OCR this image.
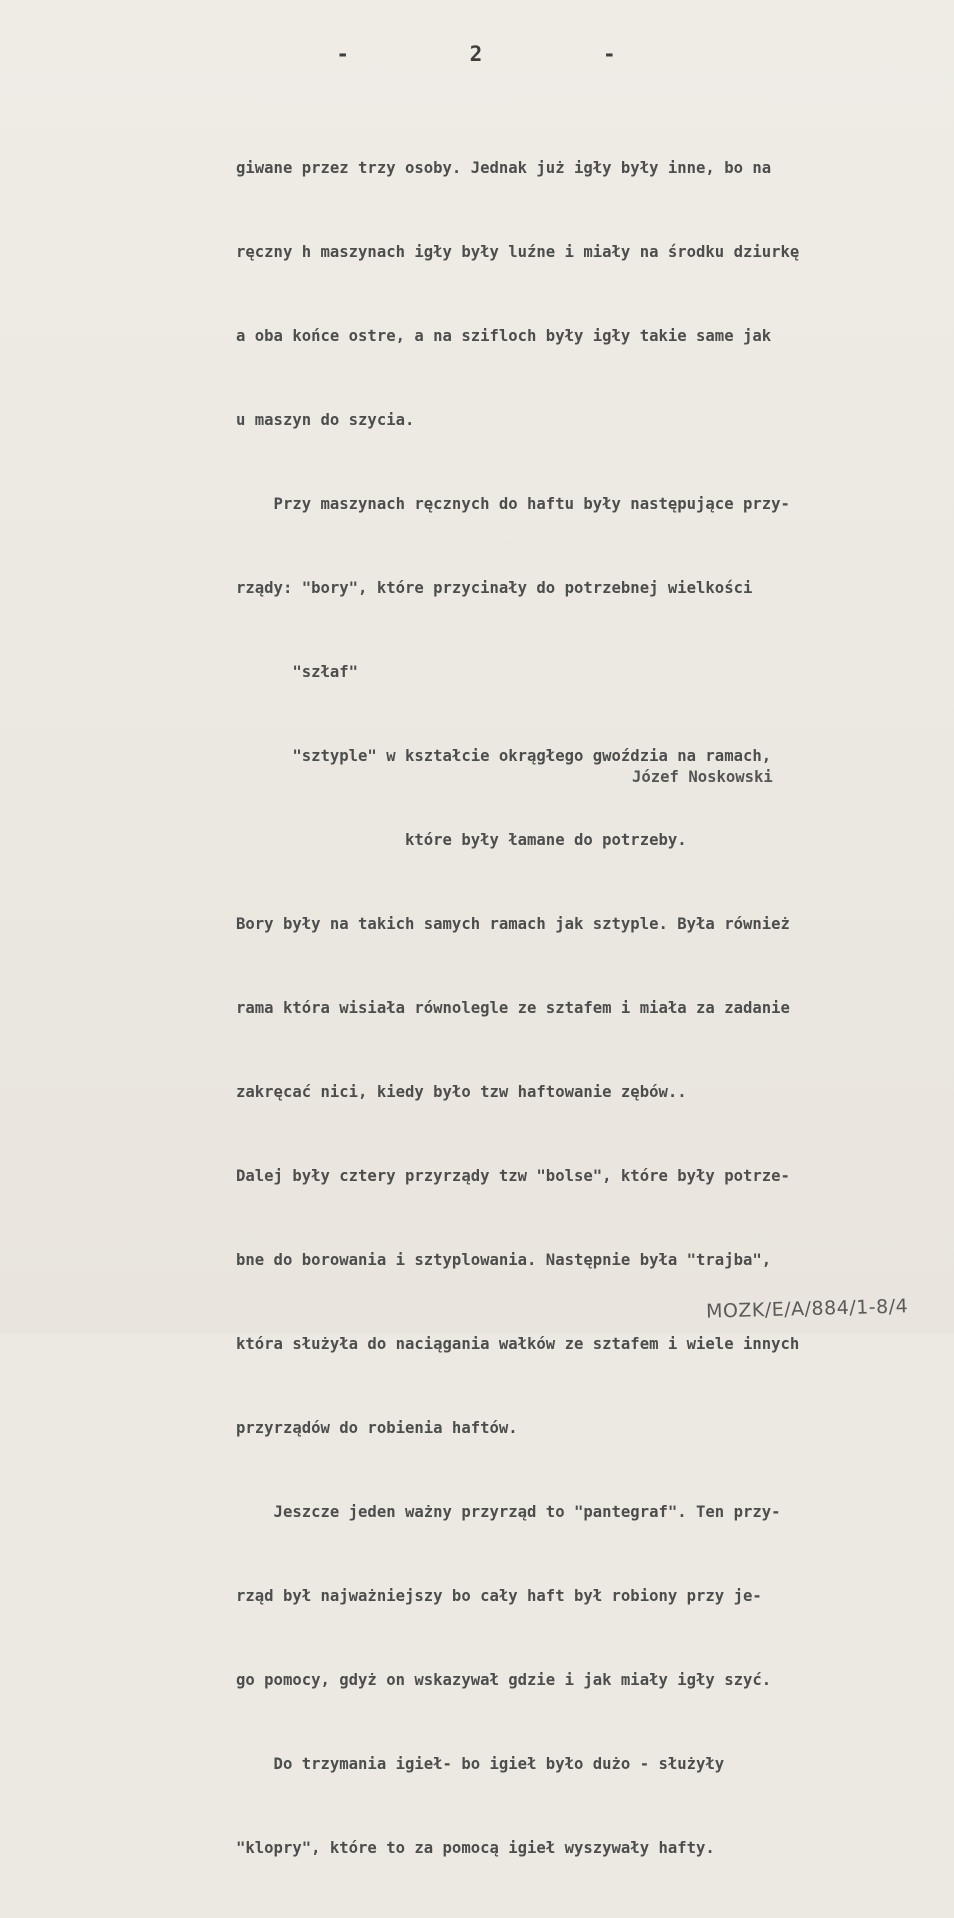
-	2	-

giwane przez trzy osoby. Jednak już igły były inne, bo na

ręczny h maszynach igły były luźne i miały na środku dziurkę

a oba końce ostre, a na szifloch były igły takie same jak

u maszyn do szycia.

Przy maszynach ręcznych do haftu były następujące przy-

rządy: "bory", które przycinały do potrzebnej wielkości

"szłaf"

"sztyple" w kształcie okrągłego gwoździa na ramach,

które były łamane do potrzeby.

Bory były na takich samych ramach jak sztyple. Była również

rama która wisiała równolegle ze sztafem i miała za zadanie

zakręcać nici, kiedy było tzw haftowanie zębów..

Dalej były cztery przyrządy tzw "bolse", które były potrze-

bne do borowania i sztyplowania. Następnie była "trajba",

która służyła do naciągania wałków ze sztafem i wiele innych

przyrządów do robienia haftów.

Jeszcze jeden ważny przyrząd to "pantegraf". Ten przy-

rząd był najważniejszy bo cały haft był robiony przy je-

go pomocy, gdyż on wskazywał gdzie i jak miały igły szyć.

Do trzymania igieł- bo igieł było dużo - służyły

"klopry", które to za pomocą igieł wyszywały hafty.

Józef Noskowski
MOZK/E/A/884/1-8/4
